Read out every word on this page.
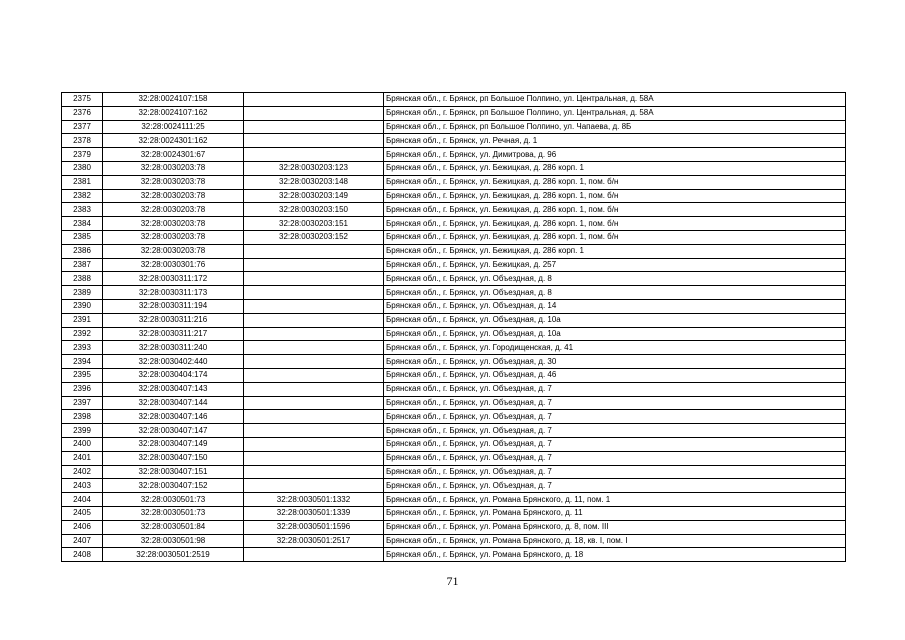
2375	32:28:0024107:158		Брянская обл., г. Брянск, рп Большое Полпино, ул. Центральная, д. 58А
2376	32:28:0024107:162		Брянская обл., г. Брянск, рп Большое Полпино, ул. Центральная, д. 58А
2377	32:28:0024111:25		Брянская обл., г. Брянск, рп Большое Полпино, ул. Чапаева, д. 8Б
2378	32:28:0024301:162		Брянская обл., г. Брянск, ул. Речная, д. 1
2379	32:28:0024301:67		Брянская обл., г. Брянск, ул. Димитрова, д. 96
2380	32:28:0030203:78	32:28:0030203:123	Брянская обл., г. Брянск, ул. Бежицкая, д. 286 корп. 1
2381	32:28:0030203:78	32:28:0030203:148	Брянская обл., г. Брянск, ул. Бежицкая, д. 286 корп. 1, пом. б/н
2382	32:28:0030203:78	32:28:0030203:149	Брянская обл., г. Брянск, ул. Бежицкая, д. 286 корп. 1, пом. б/н
2383	32:28:0030203:78	32:28:0030203:150	Брянская обл., г. Брянск, ул. Бежицкая, д. 286 корп. 1, пом. б/н
2384	32:28:0030203:78	32:28:0030203:151	Брянская обл., г. Брянск, ул. Бежицкая, д. 286 корп. 1, пом. б/н
2385	32:28:0030203:78	32:28:0030203:152	Брянская обл., г. Брянск, ул. Бежицкая, д. 286 корп. 1, пом. б/н
2386	32:28:0030203:78		Брянская обл., г. Брянск, ул. Бежицкая, д. 286 корп. 1
2387	32:28:0030301:76		Брянская обл., г. Брянск, ул. Бежицкая, д. 257
2388	32:28:0030311:172		Брянская обл., г. Брянск, ул. Объездная, д. 8
2389	32:28:0030311:173		Брянская обл., г. Брянск, ул. Объездная, д. 8
2390	32:28:0030311:194		Брянская обл., г. Брянск, ул. Объездная, д. 14
2391	32:28:0030311:216		Брянская обл., г. Брянск, ул. Объездная, д. 10а
2392	32:28:0030311:217		Брянская обл., г. Брянск, ул. Объездная, д. 10а
2393	32:28:0030311:240		Брянская обл., г. Брянск, ул. Городищенская, д. 41
2394	32:28:0030402:440		Брянская обл., г. Брянск, ул. Объездная, д. 30
2395	32:28:0030404:174		Брянская обл., г. Брянск, ул. Объездная, д. 46
2396	32:28:0030407:143		Брянская обл., г. Брянск, ул. Объездная, д. 7
2397	32:28:0030407:144		Брянская обл., г. Брянск, ул. Объездная, д. 7
2398	32:28:0030407:146		Брянская обл., г. Брянск, ул. Объездная, д. 7
2399	32:28:0030407:147		Брянская обл., г. Брянск, ул. Объездная, д. 7
2400	32:28:0030407:149		Брянская обл., г. Брянск, ул. Объездная, д. 7
2401	32:28:0030407:150		Брянская обл., г. Брянск, ул. Объездная, д. 7
2402	32:28:0030407:151		Брянская обл., г. Брянск, ул. Объездная, д. 7
2403	32:28:0030407:152		Брянская обл., г. Брянск, ул. Объездная, д. 7
2404	32:28:0030501:73	32:28:0030501:1332	Брянская обл., г. Брянск, ул. Романа Брянского, д. 11, пом. 1
2405	32:28:0030501:73	32:28:0030501:1339	Брянская обл., г. Брянск, ул. Романа Брянского, д. 11
2406	32:28:0030501:84	32:28:0030501:1596	Брянская обл., г. Брянск, ул. Романа Брянского, д. 8, пом. III
2407	32:28:0030501:98	32:28:0030501:2517	Брянская обл., г. Брянск, ул. Романа Брянского, д. 18, кв. I, пом. I
2408	32:28:0030501:2519		Брянская обл., г. Брянск, ул. Романа Брянского, д. 18
71
